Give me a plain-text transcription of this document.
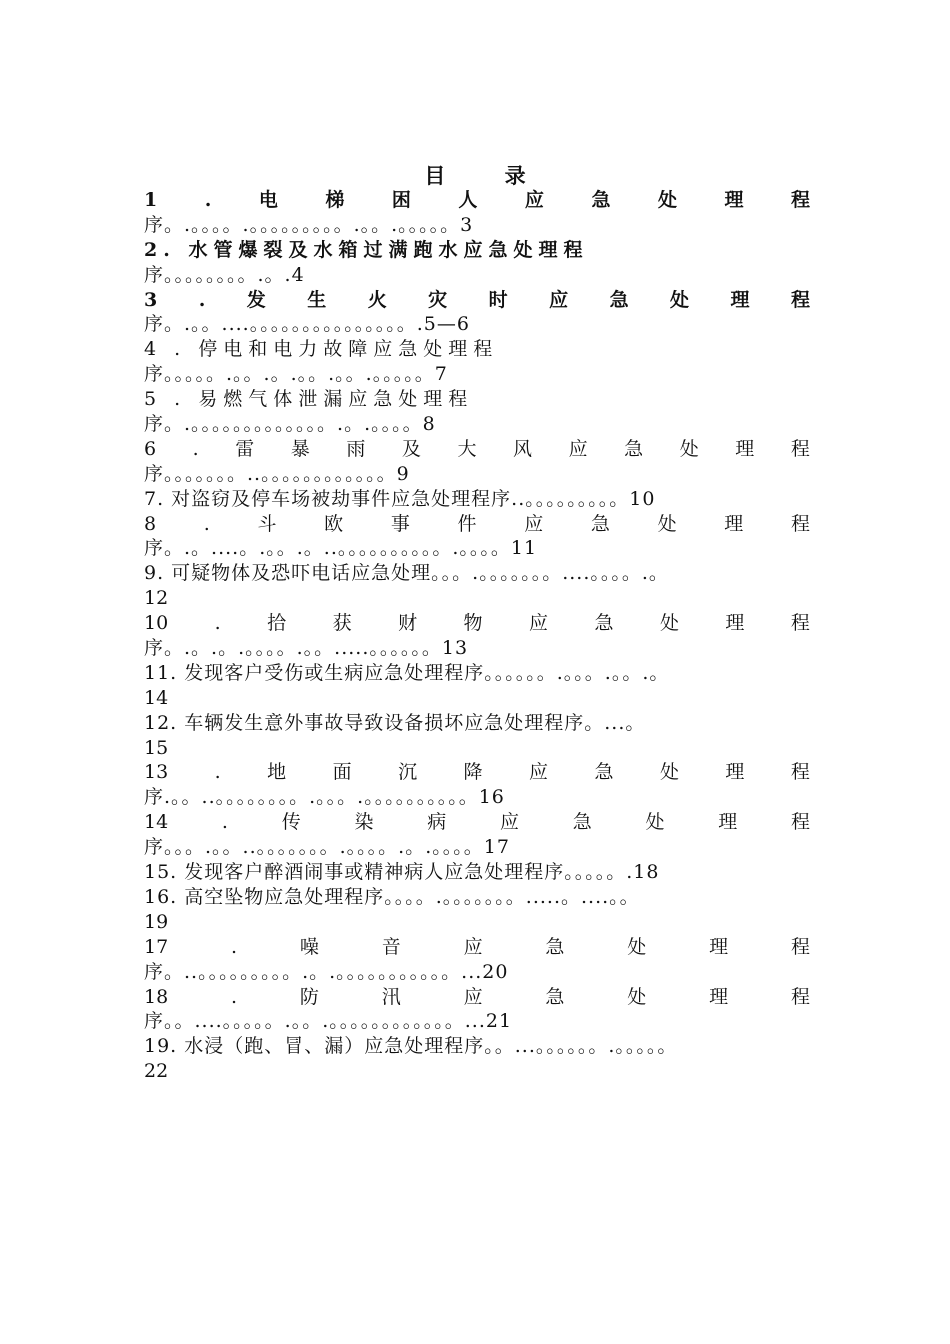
目 录
1	.	电	梯	困	人	应	急	处	理	程
序。.。。。。.。。。。。。。。。.。。.。。。。。3
2. 水管爆裂及水箱过满跑水应急处理程
序。。。。。。。。.。.4
3 . 发 生 火 灾 时 应 急 处 理 程
序。.。。....。。。。。。。。。。。。。。。.5—6
4 . 停电和电力故障应急处理程
序。。。。。.。。.。.。。.。。.。。。。。7
5 . 易燃气体泄漏应急处理程
序。.。。。。。。。。。。。。。.。.。。。。8
6 . 雷 暴 雨 及 大 风 应 急 处 理 程
序。。。。。。。..。。。。。。。。。。。。9
7. 对盗窃及停车场被劫事件应急处理程序..。。。。。。。。。10
8	.	斗	欧	事	件	应	急	处	理	程
序。.。....。.。。.。..。。。。。。。。。。.。。。。11
9. 可疑物体及恐吓电话应急处理。。。.。。。。。。。....。。。。.。
12
10 . 拾 获 财 物 应 急 处 理 程
序。.。.。.。。。。.。。.....。。。。。。13
11. 发现客户受伤或生病应急处理程序。。。。。。.。。。.。。.。
14
12. 车辆发生意外事故导致设备损坏应急处理程序。...。
15
13 . 地 面 沉 降 应 急 处 理 程
序.。。..。。。。。。。。.。。。.。。。。。。。。。。16
14	.	传	染	病	应	急	处	理	程
序。。。.。。..。。。。。。。.。。。。.。.。。。。17
15. 发现客户醉酒闹事或精神病人应急处理程序。。。。。.18
16. 高空坠物应急处理程序。。。。.。。。。。。。.....。....。。
19
17	.	噪	音	应	急	处	理	程
序。..。。。。。。。。。.。.。。。。。。。。。。。...20
18	.	防	汛	应	急	处	理	程
序。。....。。。。。.。。.。。。。。。。。。。。。...21
19. 水浸（跑、冒、漏）应急处理程序。。...。。。。。。.。。。。。
22
